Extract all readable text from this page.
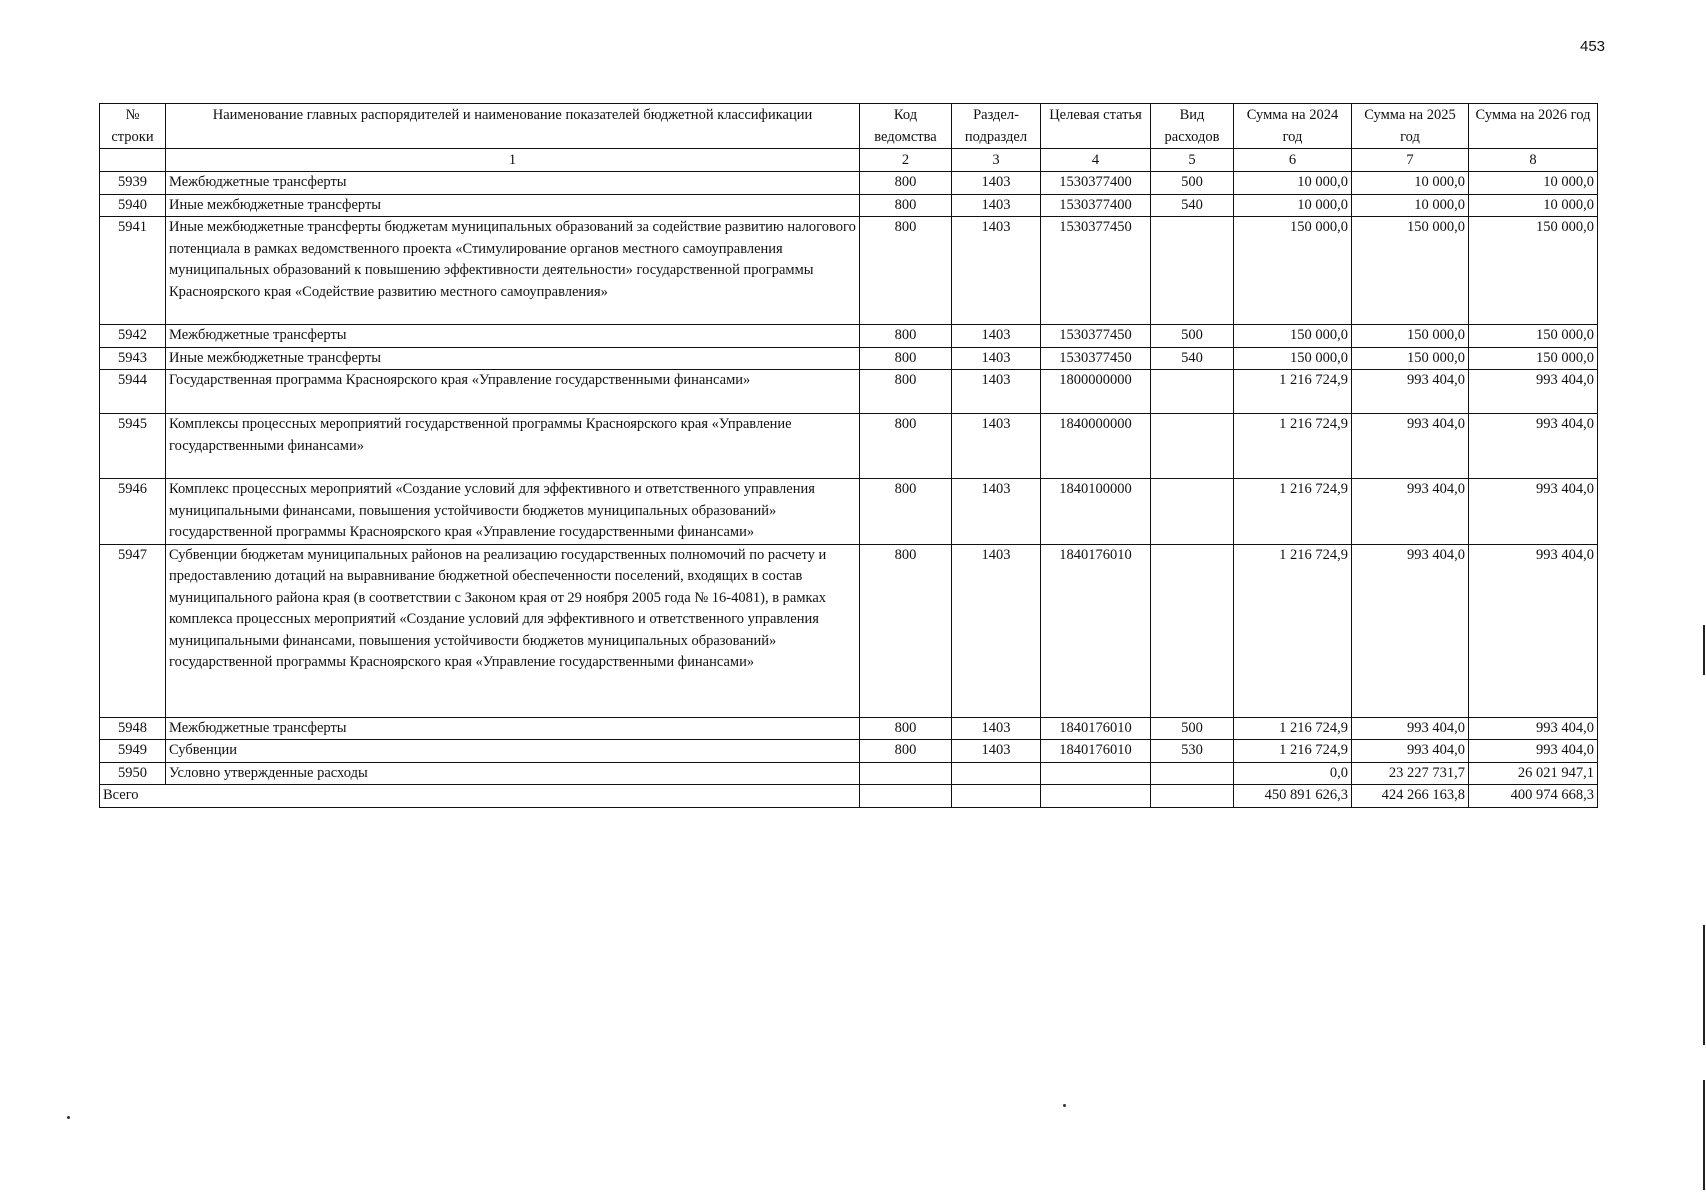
453
№ строки	Наименование главных распорядителей и наименование показателей бюджетной классификации	Код ведомства	Раздел-подраздел	Целевая статья	Вид расходов	Сумма на 2024 год	Сумма на 2025 год	Сумма на 2026 год
	1	2	3	4	5	6	7	8
5939	Межбюджетные трансферты	800	1403	1530377400	500	10 000,0	10 000,0	10 000,0
5940	Иные межбюджетные трансферты	800	1403	1530377400	540	10 000,0	10 000,0	10 000,0
5941	Иные межбюджетные трансферты бюджетам муниципальных образований за содействие развитию налогового потенциала в рамках ведомственного проекта «Стимулирование органов местного самоуправления муниципальных образований к повышению эффективности деятельности» государственной программы Красноярского края «Содействие развитию местного самоуправления»	800	1403	1530377450		150 000,0	150 000,0	150 000,0
5942	Межбюджетные трансферты	800	1403	1530377450	500	150 000,0	150 000,0	150 000,0
5943	Иные межбюджетные трансферты	800	1403	1530377450	540	150 000,0	150 000,0	150 000,0
5944	Государственная программа Красноярского края «Управление государственными финансами»	800	1403	1800000000		1 216 724,9	993 404,0	993 404,0
5945	Комплексы процессных мероприятий государственной программы Красноярского края «Управление государственными финансами»	800	1403	1840000000		1 216 724,9	993 404,0	993 404,0
5946	Комплекс процессных мероприятий «Создание условий для эффективного и ответственного управления муниципальными финансами, повышения устойчивости бюджетов муниципальных образований» государственной программы Красноярского края «Управление государственными финансами»	800	1403	1840100000		1 216 724,9	993 404,0	993 404,0
5947	Субвенции бюджетам муниципальных районов на реализацию государственных полномочий по расчету и предоставлению дотаций на выравнивание бюджетной обеспеченности поселений, входящих в состав муниципального района края (в соответствии с Законом края от 29 ноября 2005 года № 16-4081), в рамках комплекса процессных мероприятий «Создание условий для эффективного и ответственного управления муниципальными финансами, повышения устойчивости бюджетов муниципальных образований» государственной программы Красноярского края «Управление государственными финансами»	800	1403	1840176010		1 216 724,9	993 404,0	993 404,0
5948	Межбюджетные трансферты	800	1403	1840176010	500	1 216 724,9	993 404,0	993 404,0
5949	Субвенции	800	1403	1840176010	530	1 216 724,9	993 404,0	993 404,0
5950	Условно утвержденные расходы					0,0	23 227 731,7	26 021 947,1
Всего						450 891 626,3	424 266 163,8	400 974 668,3
